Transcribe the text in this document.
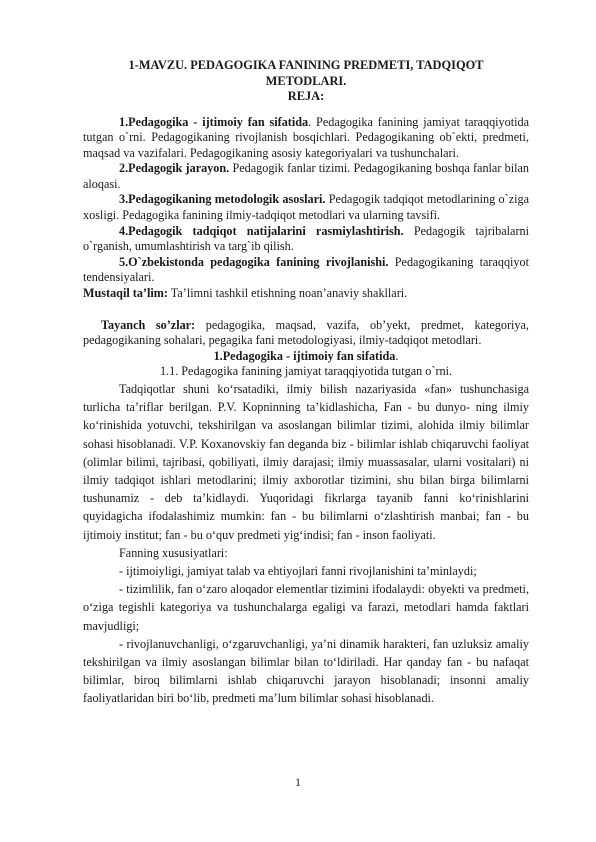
1-MAVZU. PEDAGOGIKA FANINING PREDMETI, TADQIQOT
METODLARI.
REJA:

1.Pedagogika - ijtimoiy fan sifatida. Pedagogika fanining jamiyat taraqqiyotida tutgan o`rni. Pedagogikaning rivojlanish bosqichlari. Pedagogikaning ob`ekti, predmeti, maqsad va vazifalari. Pedagogikaning asosiy kategoriyalari va tushunchalari.

2.Pedagogik jarayon. Pedagogik fanlar tizimi. Pedagogikaning boshqa fanlar bilan aloqasi.

3.Pedagogikaning metodologik asoslari. Pedagogik tadqiqot metodlarining o`ziga xosligi. Pedagogika fanining ilmiy-tadqiqot metodlari va ularning tavsifi.

4.Pedagogik tadqiqot natijalarini rasmiylashtirish. Pedagogik tajribalarni o`rganish, umumlashtirish va targ`ib qilish.

5.O`zbekistonda pedagogika fanining rivojlanishi. Pedagogikaning taraqqiyot tendensiyalari.

Mustaqil ta’lim: Ta’limni tashkil etishning noan’anaviy shakllari.

Tayanch so’zlar: pedagogika, maqsad, vazifa, ob’yekt, predmet, kategoriya, pedagogikaning sohalari, pegagika fani metodologiyasi, ilmiy-tadqiqot metodlari.

1.Pedagogika - ijtimoiy fan sifatida.
1.1. Pedagogika fanining jamiyat taraqqiyotida tutgan o`rni.

Tadqiqotlar shuni ko‘rsatadiki, ilmiy bilish nazariyasida «fan» tushunchasiga turlicha ta’riflar berilgan. P.V. Kopninning ta’kidlashicha, Fan - bu dunyo- ning ilmiy ko‘rinishida yotuvchi, tekshirilgan va asoslangan bilimlar tizimi, alohida ilmiy bilimlar sohasi hisoblanadi. V.P. Koxanovskiy fan deganda biz - bilimlar ishlab chiqaruvchi faoliyat (olimlar bilimi, tajribasi, qobiliyati, ilmiy darajasi; ilmiy muassasalar, ularni vositalari) ni ilmiy tadqiqot ishlari metodlarini; ilmiy axborotlar tizimini, shu bilan birga bilimlarni tushunamiz - deb ta’kidlaydi. Yuqoridagi fikrlarga tayanib fanni ko‘rinishlarini quyidagicha ifodalashimiz mumkin: fan - bu bilimlarni o‘zlashtirish manbai; fan - bu ijtimoiy institut; fan - bu o‘quv predmeti yig‘indisi; fan - inson faoliyati.

Fanning xususiyatlari:

- ijtimoiyligi, jamiyat talab va ehtiyojlari fanni rivojlanishini ta’minlaydi;

- tizimlilik, fan o‘zaro aloqador elementlar tizimini ifodalaydi: obyekti va predmeti, o‘ziga tegishli kategoriya va tushunchalarga egaligi va farazi, metodlari hamda faktlari mavjudligi;

- rivojlanuvchanligi, o‘zgaruvchanligi, ya’ni dinamik harakteri, fan uzluksiz amaliy tekshirilgan va ilmiy asoslangan bilimlar bilan to‘ldiriladi. Har qanday fan - bu nafaqat bilimlar, biroq bilimlarni ishlab chiqaruvchi jarayon hisoblanadi; insonni amaliy faoliyatlaridan biri bo‘lib, predmeti ma’lum bilimlar sohasi hisoblanadi.

1
